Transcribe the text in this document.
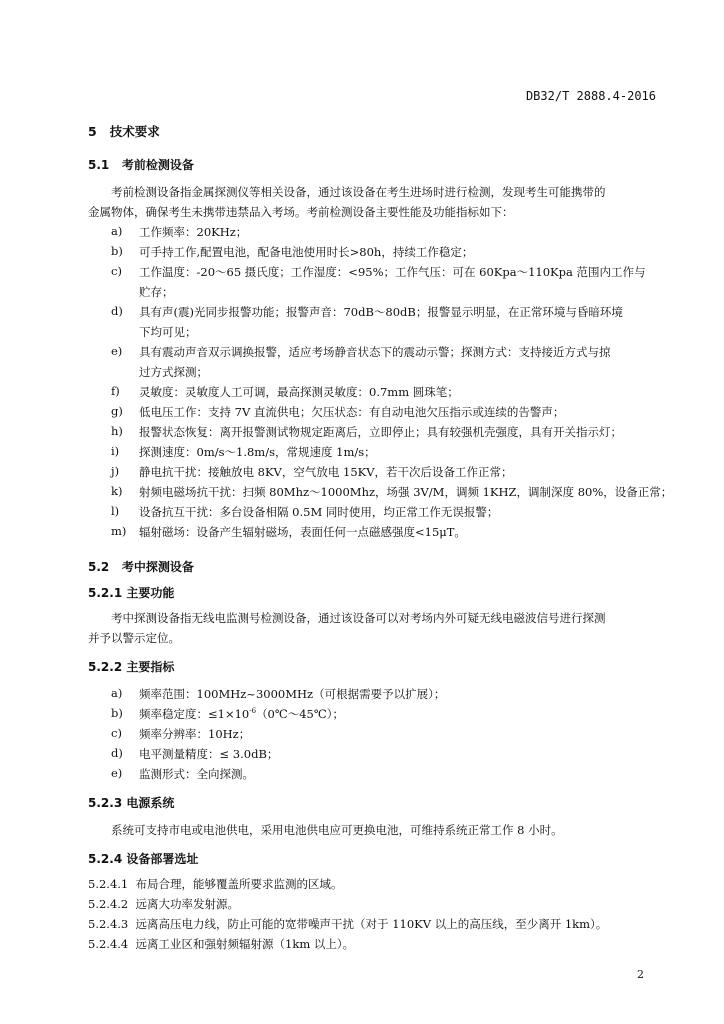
DB32/T 2888.4-2016
5 技术要求
5.1 考前检测设备
考前检测设备指金属探测仪等相关设备，通过该设备在考生进场时进行检测，发现考生可能携带的
金属物体，确保考生未携带违禁品入考场。考前检测设备主要性能及功能指标如下：
a) 工作频率：20KHz；
b) 可手持工作,配置电池，配备电池使用时长>80h，持续工作稳定；
c) 工作温度：-20～65 摄氏度；工作湿度：<95%；工作气压：可在 60Kpa～110Kpa 范围内工作与
贮存；
d) 具有声(震)光同步报警功能；报警声音：70dB～80dB；报警显示明显，在正常环境与昏暗环境
下均可见；
e) 具有震动声音双示调换报警，适应考场静音状态下的震动示警；探测方式：支持接近方式与掠
过方式探测；
f) 灵敏度：灵敏度人工可调，最高探测灵敏度：0.7mm 圆珠笔；
g) 低电压工作：支持 7V 直流供电；欠压状态：有自动电池欠压指示或连续的告警声；
h) 报警状态恢复：离开报警测试物规定距离后，立即停止；具有较强机壳强度，具有开关指示灯；
i) 探测速度：0m/s～1.8m/s，常规速度 1m/s；
j) 静电抗干扰：接触放电 8KV，空气放电 15KV，若干次后设备工作正常；
k) 射频电磁场抗干扰：扫频 80Mhz～1000Mhz，场强 3V/M，调频 1KHZ，调制深度 80%，设备正常；
l) 设备抗互干扰：多台设备相隔 0.5M 同时使用，均正常工作无误报警；
m) 辐射磁场：设备产生辐射磁场，表面任何一点磁感强度<15μT。
5.2 考中探测设备
5.2.1 主要功能
考中探测设备指无线电监测号检测设备，通过该设备可以对考场内外可疑无线电磁波信号进行探测
并予以警示定位。
5.2.2 主要指标
a) 频率范围：100MHz~3000MHz（可根据需要予以扩展）；
b) 频率稳定度：$\le 1\times 10^{-6}(0℃\sim 45℃)$；
c) 频率分辨率：10Hz；
d) 电平测量精度：≤ 3.0dB；
e) 监测形式：全向探测。
5.2.3 电源系统
系统可支持市电或电池供电，采用电池供电应可更换电池，可维持系统正常工作 8 小时。
5.2.4 设备部署选址
5.2.4.1 布局合理，能够覆盖所要求监测的区域。
5.2.4.2 远离大功率发射源。
5.2.4.3 远离高压电力线，防止可能的宽带噪声干扰（对于 110KV 以上的高压线，至少离开 1km）。
5.2.4.4 远离工业区和强射频辐射源（1km 以上）。
2
